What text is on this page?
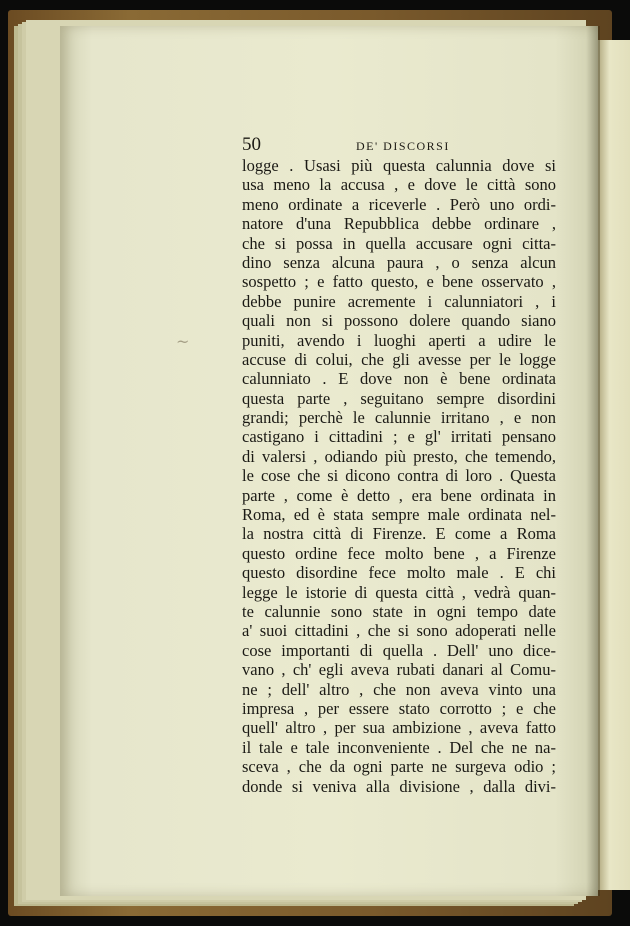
~
50	DE' DISCORSI
logge . Usasi più questa calunnia dove si
usa meno la accusa , e dove le città sono
meno ordinate a riceverle . Però uno ordi-
natore d'una Repubblica debbe ordinare ,
che si possa in quella accusare ogni citta-
dino senza alcuna paura , o senza alcun
sospetto ; e fatto questo, e bene osservato ,
debbe punire acremente i calunniatori , i
quali non si possono dolere quando siano
puniti, avendo i luoghi aperti a udire le
accuse di colui, che gli avesse per le logge
calunniato . E dove non è bene ordinata
questa parte , seguitano sempre disordini
grandi; perchè le calunnie irritano , e non
castigano i cittadini ; e gl' irritati pensano
di valersi , odiando più presto, che temendo,
le cose che si dicono contra di loro . Questa
parte , come è detto , era bene ordinata in
Roma, ed è stata sempre male ordinata nel-
la nostra città di Firenze. E come a Roma
questo ordine fece molto bene , a Firenze
questo disordine fece molto male . E chi
legge le istorie di questa città , vedrà quan-
te calunnie sono state in ogni tempo date
a' suoi cittadini , che si sono adoperati nelle
cose importanti di quella . Dell' uno dice-
vano , ch' egli aveva rubati danari al Comu-
ne ; dell' altro , che non aveva vinto una
impresa , per essere stato corrotto ; e che
quell' altro , per sua ambizione , aveva fatto
il tale e tale inconveniente . Del che ne na-
sceva , che da ogni parte ne surgeva odio ;
donde si veniva alla divisione , dalla divi-
